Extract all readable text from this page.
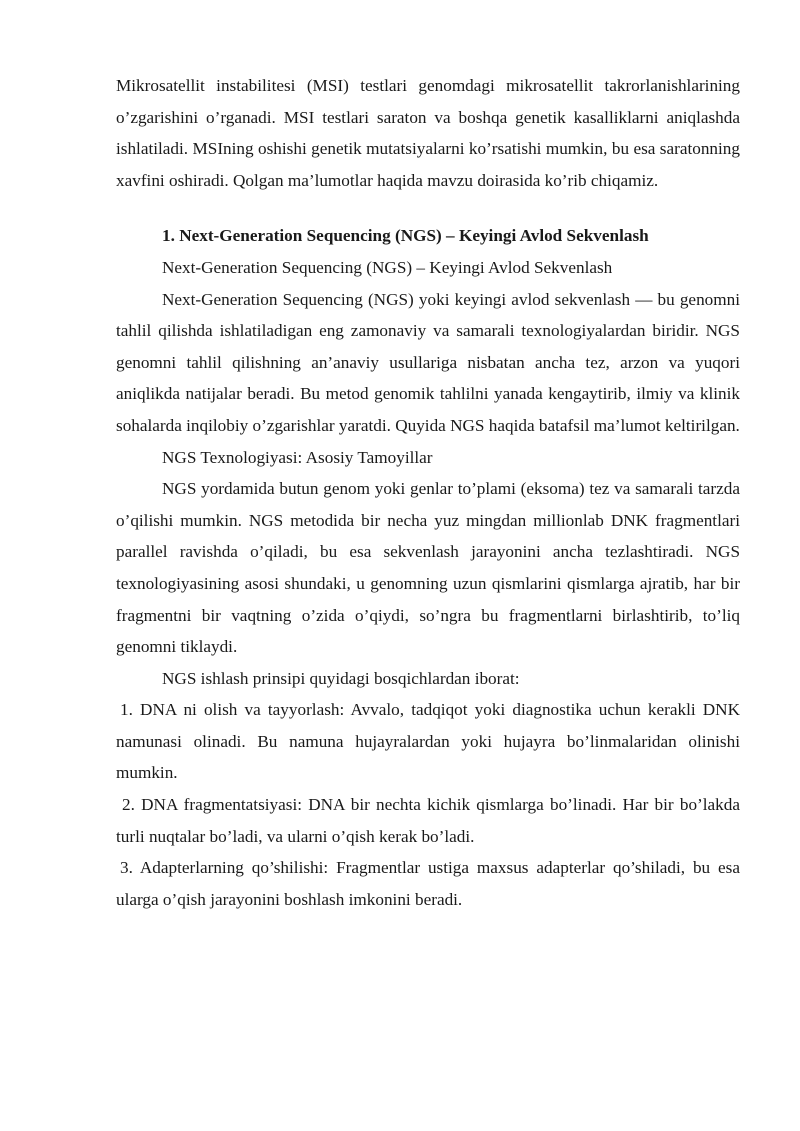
Mikrosatellit instabilitesi (MSI) testlari genomdagi mikrosatellit takrorlanishlarining o’zgarishini o’rganadi. MSI testlari saraton va boshqa genetik kasalliklarni aniqlashda ishlatiladi. MSIning oshishi genetik mutatsiyalarni ko’rsatishi mumkin, bu esa saratonning xavfini oshiradi. Qolgan ma’lumotlar haqida mavzu doirasida ko’rib chiqamiz.

1. Next-Generation Sequencing (NGS) – Keyingi Avlod Sekvenlash

Next-Generation Sequencing (NGS) – Keyingi Avlod Sekvenlash

Next-Generation Sequencing (NGS) yoki keyingi avlod sekvenlash — bu genomni tahlil qilishda ishlatiladigan eng zamonaviy va samarali texnologiyalardan biridir. NGS genomni tahlil qilishning an’anaviy usullariga nisbatan ancha tez, arzon va yuqori aniqlikda natijalar beradi. Bu metod genomik tahlilni yanada kengaytirib, ilmiy va klinik sohalarda inqilobiy o’zgarishlar yaratdi. Quyida NGS haqida batafsil ma’lumot keltirilgan.

NGS Texnologiyasi: Asosiy Tamoyillar

NGS yordamida butun genom yoki genlar to’plami (eksoma) tez va samarali tarzda o’qilishi mumkin. NGS metodida bir necha yuz mingdan millionlab DNK fragmentlari parallel ravishda o’qiladi, bu esa sekvenlash jarayonini ancha tezlashtiradi. NGS texnologiyasining asosi shundaki, u genomning uzun qismlarini qismlarga ajratib, har bir fragmentni bir vaqtning o’zida o’qiydi, so’ngra bu fragmentlarni birlashtirib, to’liq genomni tiklaydi.

NGS ishlash prinsipi quyidagi bosqichlardan iborat:

1. DNA ni olish va tayyorlash: Avvalo, tadqiqot yoki diagnostika uchun kerakli DNK namunasi olinadi. Bu namuna hujayralardan yoki hujayra bo’linmalaridan olinishi mumkin.

2. DNA fragmentatsiyasi: DNA bir nechta kichik qismlarga bo’linadi. Har bir bo’lakda turli nuqtalar bo’ladi, va ularni o’qish kerak bo’ladi.

3. Adapterlarning qo’shilishi: Fragmentlar ustiga maxsus adapterlar qo’shiladi, bu esa ularga o’qish jarayonini boshlash imkonini beradi.
